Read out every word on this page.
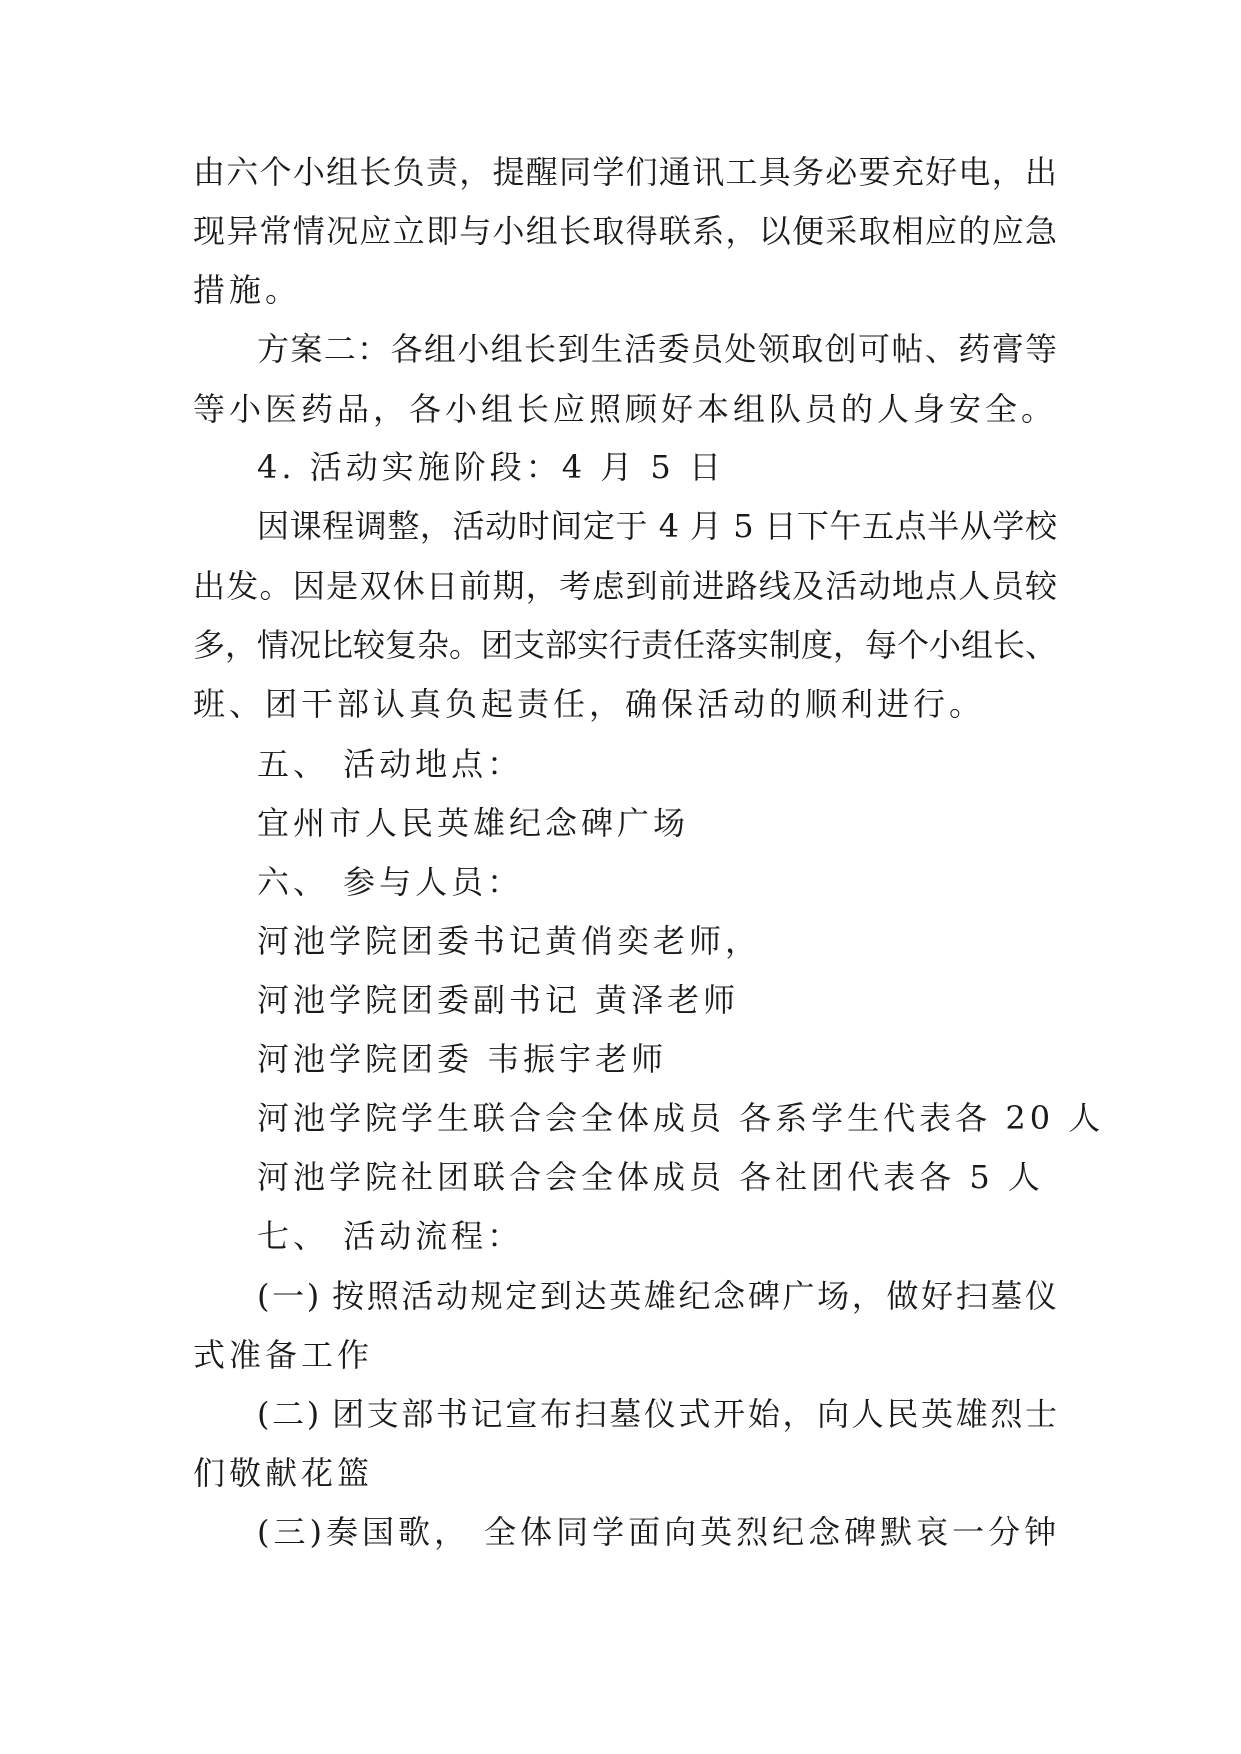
由六个小组长负责，提醒同学们通讯工具务必要充好电，出
现异常情况应立即与小组长取得联系，以便采取相应的应急
措施。
方案二：各组小组长到生活委员处领取创可帖、药膏等
等小医药品，各小组长应照顾好本组队员的人身安全。
4. 活动实施阶段：4 月 5 日
因课程调整，活动时间定于 4 月 5 日下午五点半从学校
出发。因是双休日前期，考虑到前进路线及活动地点人员较
多，情况比较复杂。团支部实行责任落实制度，每个小组长、
班、团干部认真负起责任，确保活动的顺利进行。
五、 活动地点：
宜州市人民英雄纪念碑广场
六、 参与人员：
河池学院团委书记黄俏奕老师，
河池学院团委副书记 黄泽老师
河池学院团委 韦振宇老师
河池学院学生联合会全体成员 各系学生代表各 20 人
河池学院社团联合会全体成员 各社团代表各 5 人
七、 活动流程：
(一) 按照活动规定到达英雄纪念碑广场，做好扫墓仪
式准备工作
(二) 团支部书记宣布扫墓仪式开始，向人民英雄烈士
们敬献花篮
(三)奏国歌， 全体同学面向英烈纪念碑默哀一分钟
